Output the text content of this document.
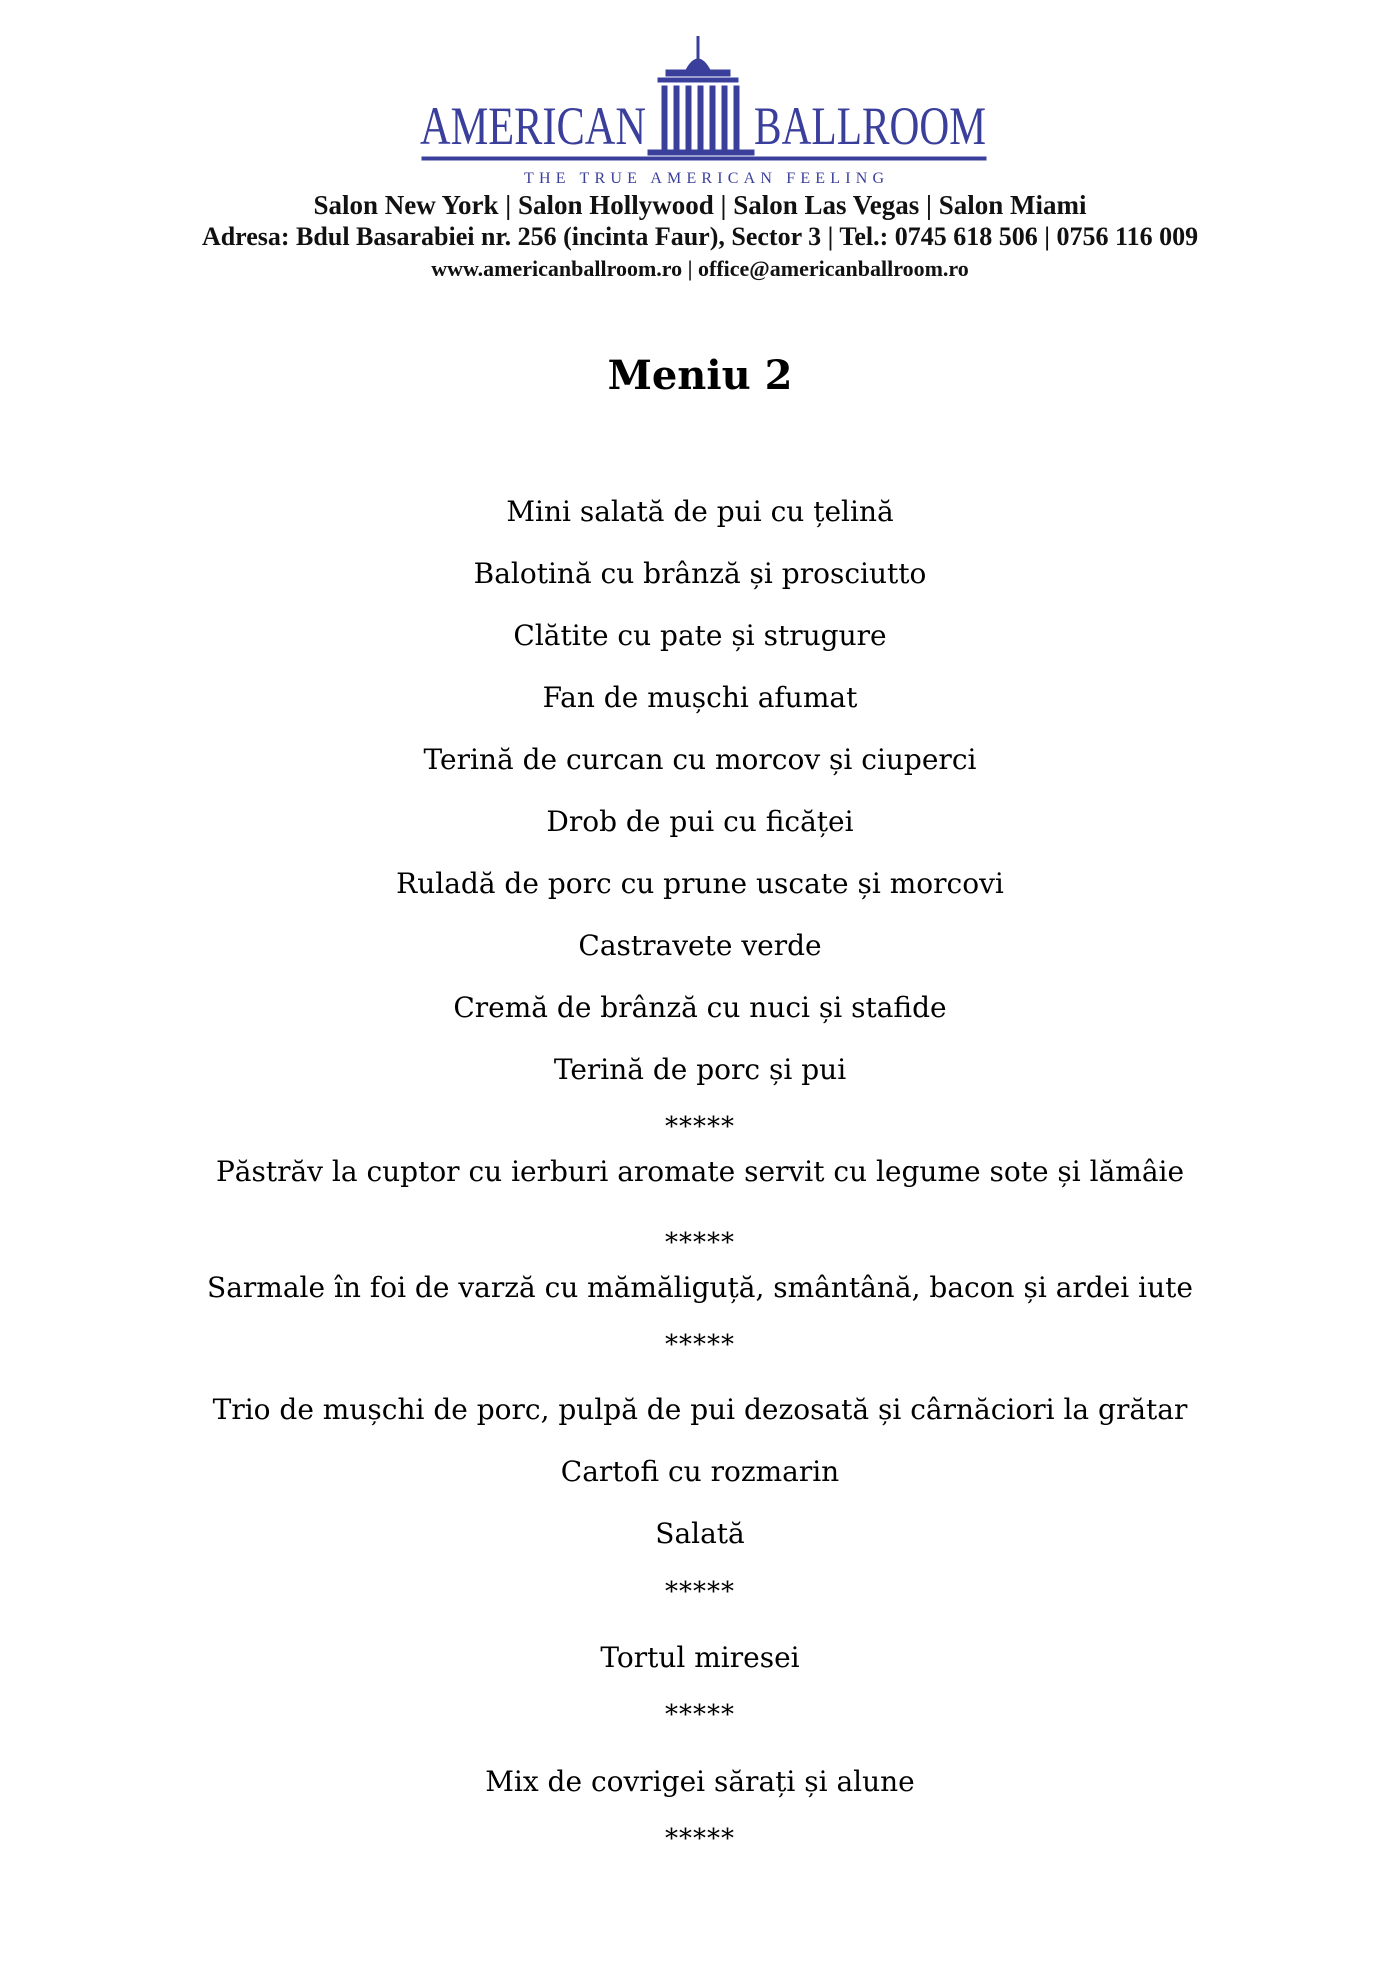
AMERICAN BALLROOM
THE TRUE AMERICAN FEELING
Salon New York | Salon Hollywood | Salon Las Vegas | Salon Miami
Adresa: Bdul Basarabiei nr. 256 (incinta Faur), Sector 3 | Tel.: 0745 618 506 | 0756 116 009
www.americanballroom.ro | office@americanballroom.ro
Meniu 2
Mini salată de pui cu țelină
Balotină cu brânză și prosciutto
Clătite cu pate și strugure
Fan de mușchi afumat
Terină de curcan cu morcov și ciuperci
Drob de pui cu ficăței
Ruladă de porc cu prune uscate și morcovi
Castravete verde
Cremă de brânză cu nuci și stafide
Terină de porc și pui
*****
Păstrăv la cuptor cu ierburi aromate servit cu legume sote și lămâie
*****
Sarmale în foi de varză cu mămăliguță, smântână, bacon și ardei iute
*****
Trio de mușchi de porc, pulpă de pui dezosată și cârnăciori la grătar
Cartofi cu rozmarin
Salată
*****
Tortul miresei
*****
Mix de covrigei sărați și alune
*****
